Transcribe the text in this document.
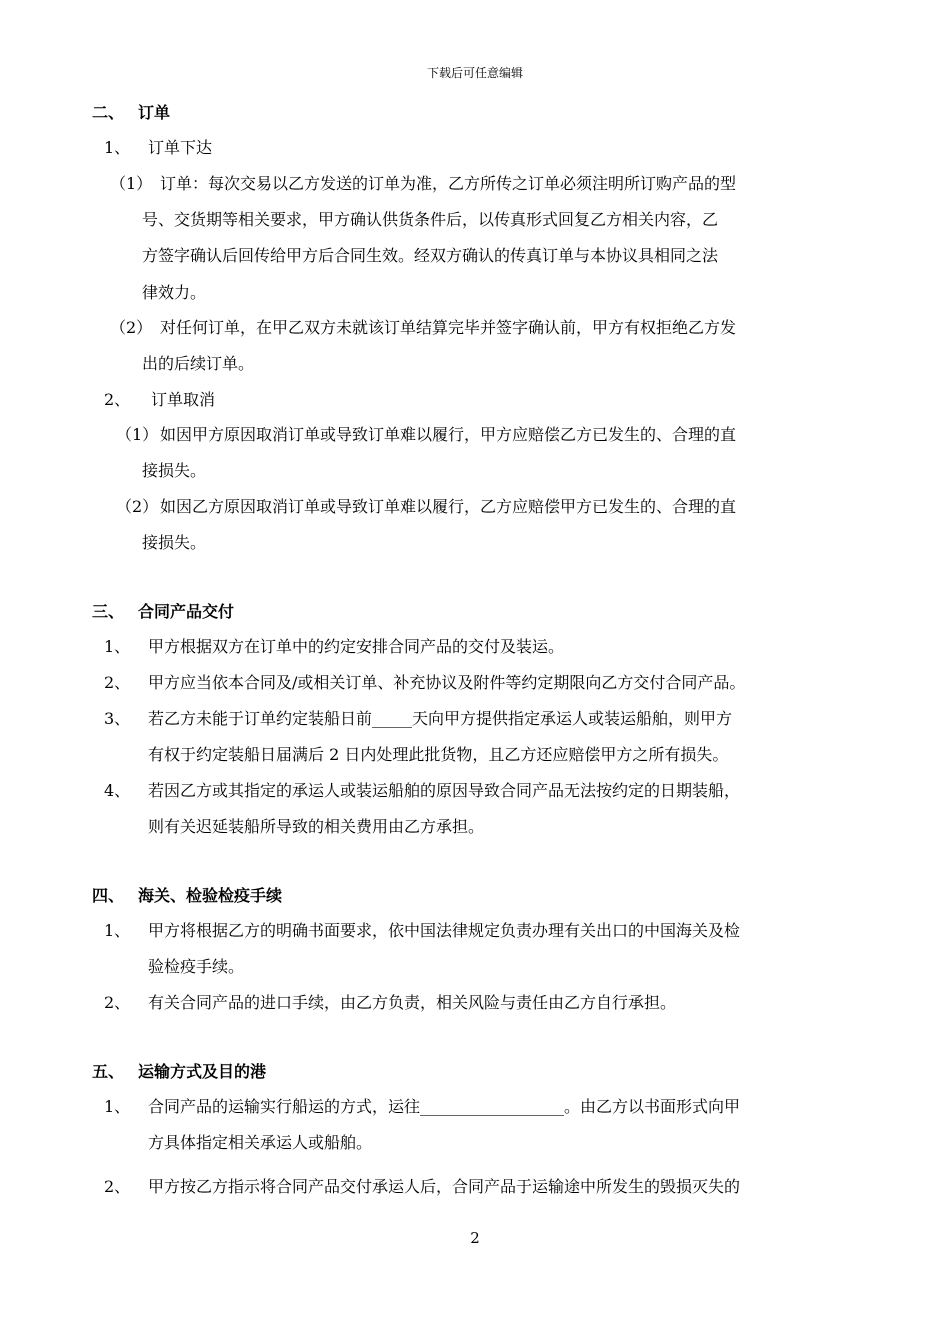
下载后可任意编辑
二、 订单
1、 订单下达
（1） 订单：每次交易以乙方发送的订单为准，乙方所传之订单必须注明所订购产品的型
号、交货期等相关要求，甲方确认供货条件后，以传真形式回复乙方相关内容，乙
方签字确认后回传给甲方后合同生效。经双方确认的传真订单与本协议具相同之法
律效力。
（2） 对任何订单，在甲乙双方未就该订单结算完毕并签字确认前，甲方有权拒绝乙方发
出的后续订单。
2、 订单取消
（1） 如因甲方原因取消订单或导致订单难以履行，甲方应赔偿乙方已发生的、合理的直
接损失。
（2） 如因乙方原因取消订单或导致订单难以履行，乙方应赔偿甲方已发生的、合理的直
接损失。
三、 合同产品交付
1、 甲方根据双方在订单中的约定安排合同产品的交付及装运。
2、 甲方应当依本合同及/或相关订单、补充协议及附件等约定期限向乙方交付合同产品。
3、 若乙方未能于订单约定装船日前_____天向甲方提供指定承运人或装运船舶，则甲方
有权于约定装船日届满后 2 日内处理此批货物，且乙方还应赔偿甲方之所有损失。
4、 若因乙方或其指定的承运人或装运船舶的原因导致合同产品无法按约定的日期装船，
则有关迟延装船所导致的相关费用由乙方承担。
四、 海关、检验检疫手续
1、 甲方将根据乙方的明确书面要求，依中国法律规定负责办理有关出口的中国海关及检
验检疫手续。
2、 有关合同产品的进口手续，由乙方负责，相关风险与责任由乙方自行承担。
五、 运输方式及目的港
1、 合同产品的运输实行船运的方式，运往__________________。由乙方以书面形式向甲
方具体指定相关承运人或船舶。
2、 甲方按乙方指示将合同产品交付承运人后，合同产品于运输途中所发生的毁损灭失的
2
